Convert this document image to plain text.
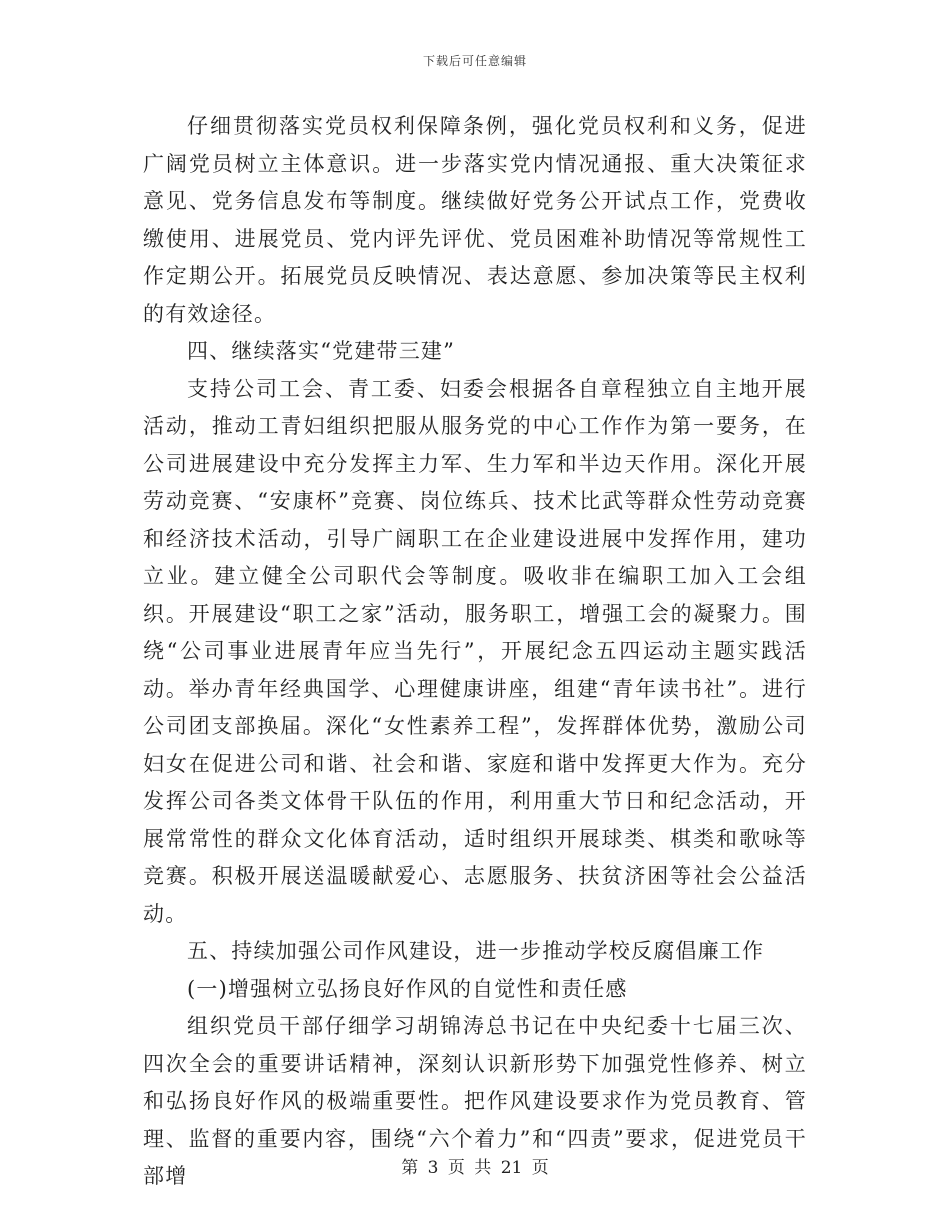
下载后可任意编辑

仔细贯彻落实党员权利保障条例，强化党员权利和义务，促进广阔党员树立主体意识。进一步落实党内情况通报、重大决策征求意见、党务信息发布等制度。继续做好党务公开试点工作，党费收缴使用、进展党员、党内评先评优、党员困难补助情况等常规性工作定期公开。拓展党员反映情况、表达意愿、参加决策等民主权利的有效途径。

四、继续落实“党建带三建”

支持公司工会、青工委、妇委会根据各自章程独立自主地开展活动，推动工青妇组织把服从服务党的中心工作作为第一要务，在公司进展建设中充分发挥主力军、生力军和半边天作用。深化开展劳动竞赛、“安康杯”竞赛、岗位练兵、技术比武等群众性劳动竞赛和经济技术活动，引导广阔职工在企业建设进展中发挥作用，建功立业。建立健全公司职代会等制度。吸收非在编职工加入工会组织。开展建设“职工之家”活动，服务职工，增强工会的凝聚力。围绕“公司事业进展青年应当先行”，开展纪念五四运动主题实践活动。举办青年经典国学、心理健康讲座，组建“青年读书社”。进行公司团支部换届。深化“女性素养工程”，发挥群体优势，激励公司妇女在促进公司和谐、社会和谐、家庭和谐中发挥更大作为。充分发挥公司各类文体骨干队伍的作用，利用重大节日和纪念活动，开展常常性的群众文化体育活动，适时组织开展球类、棋类和歌咏等竞赛。积极开展送温暖献爱心、志愿服务、扶贫济困等社会公益活动。

五、持续加强公司作风建设，进一步推动学校反腐倡廉工作

(一)增强树立弘扬良好作风的自觉性和责任感

组织党员干部仔细学习胡锦涛总书记在中央纪委十七届三次、四次全会的重要讲话精神，深刻认识新形势下加强党性修养、树立和弘扬良好作风的极端重要性。把作风建设要求作为党员教育、管理、监督的重要内容，围绕“六个着力”和“四责”要求，促进党员干部增	第 3 页 共 21 页
